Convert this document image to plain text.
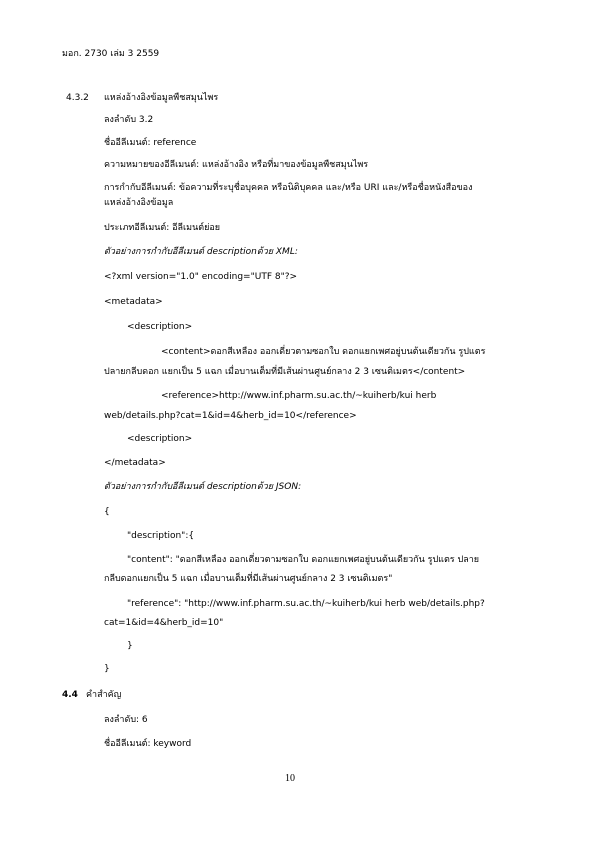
มอก. 2730 เล่ม 3 2559
4.3.2 แหล่งอ้างอิงข้อมูลพืชสมุนไพร
ลงลำดับ 3.2
ชื่ออีลีเมนต์: reference
ความหมายของอีลีเมนต์: แหล่งอ้างอิง หรือที่มาของข้อมูลพืชสมุนไพร
การกำกับอีลีเมนต์: ข้อความที่ระบุชื่อบุคคล หรือนิติบุคคล และ/หรือ URI และ/หรือชื่อหนังสือของ
แหล่งอ้างอิงข้อมูล
ประเภทอีลีเมนต์: อีลีเมนต์ย่อย
ตัวอย่างการกำกับอีลีเมนต์ descriptionด้วย XML:
<?xml version="1.0" encoding="UTF 8"?>
<metadata>
<description>
<content>ดอกสีเหลือง ออกเดี่ยวตามซอกใบ ดอกแยกเพศอยู่บนต้นเดียวกัน รูปแตร
ปลายกลีบดอก แยกเป็น 5 แฉก เมื่อบานเต็มที่มีเส้นผ่านศูนย์กลาง 2 3 เซนติเมตร</content>
<reference>http://www.inf.pharm.su.ac.th/~kuiherb/kui herb
web/details.php?cat=1&id=4&herb_id=10</reference>
<description>
</metadata>
ตัวอย่างการกำกับอีลีเมนต์ descriptionด้วย JSON:
{
"description":{
"content": "ดอกสีเหลือง ออกเดี่ยวตามซอกใบ ดอกแยกเพศอยู่บนต้นเดียวกัน รูปแตร ปลาย
กลีบดอกแยกเป็น 5 แฉก เมื่อบานเต็มที่มีเส้นผ่านศูนย์กลาง 2 3 เซนติเมตร"
"reference": "http://www.inf.pharm.su.ac.th/~kuiherb/kui herb web/details.php?
cat=1&id=4&herb_id=10"
}
}
4.4 คำสำคัญ
ลงลำดับ: 6
ชื่ออีลีเมนต์: keyword
10
